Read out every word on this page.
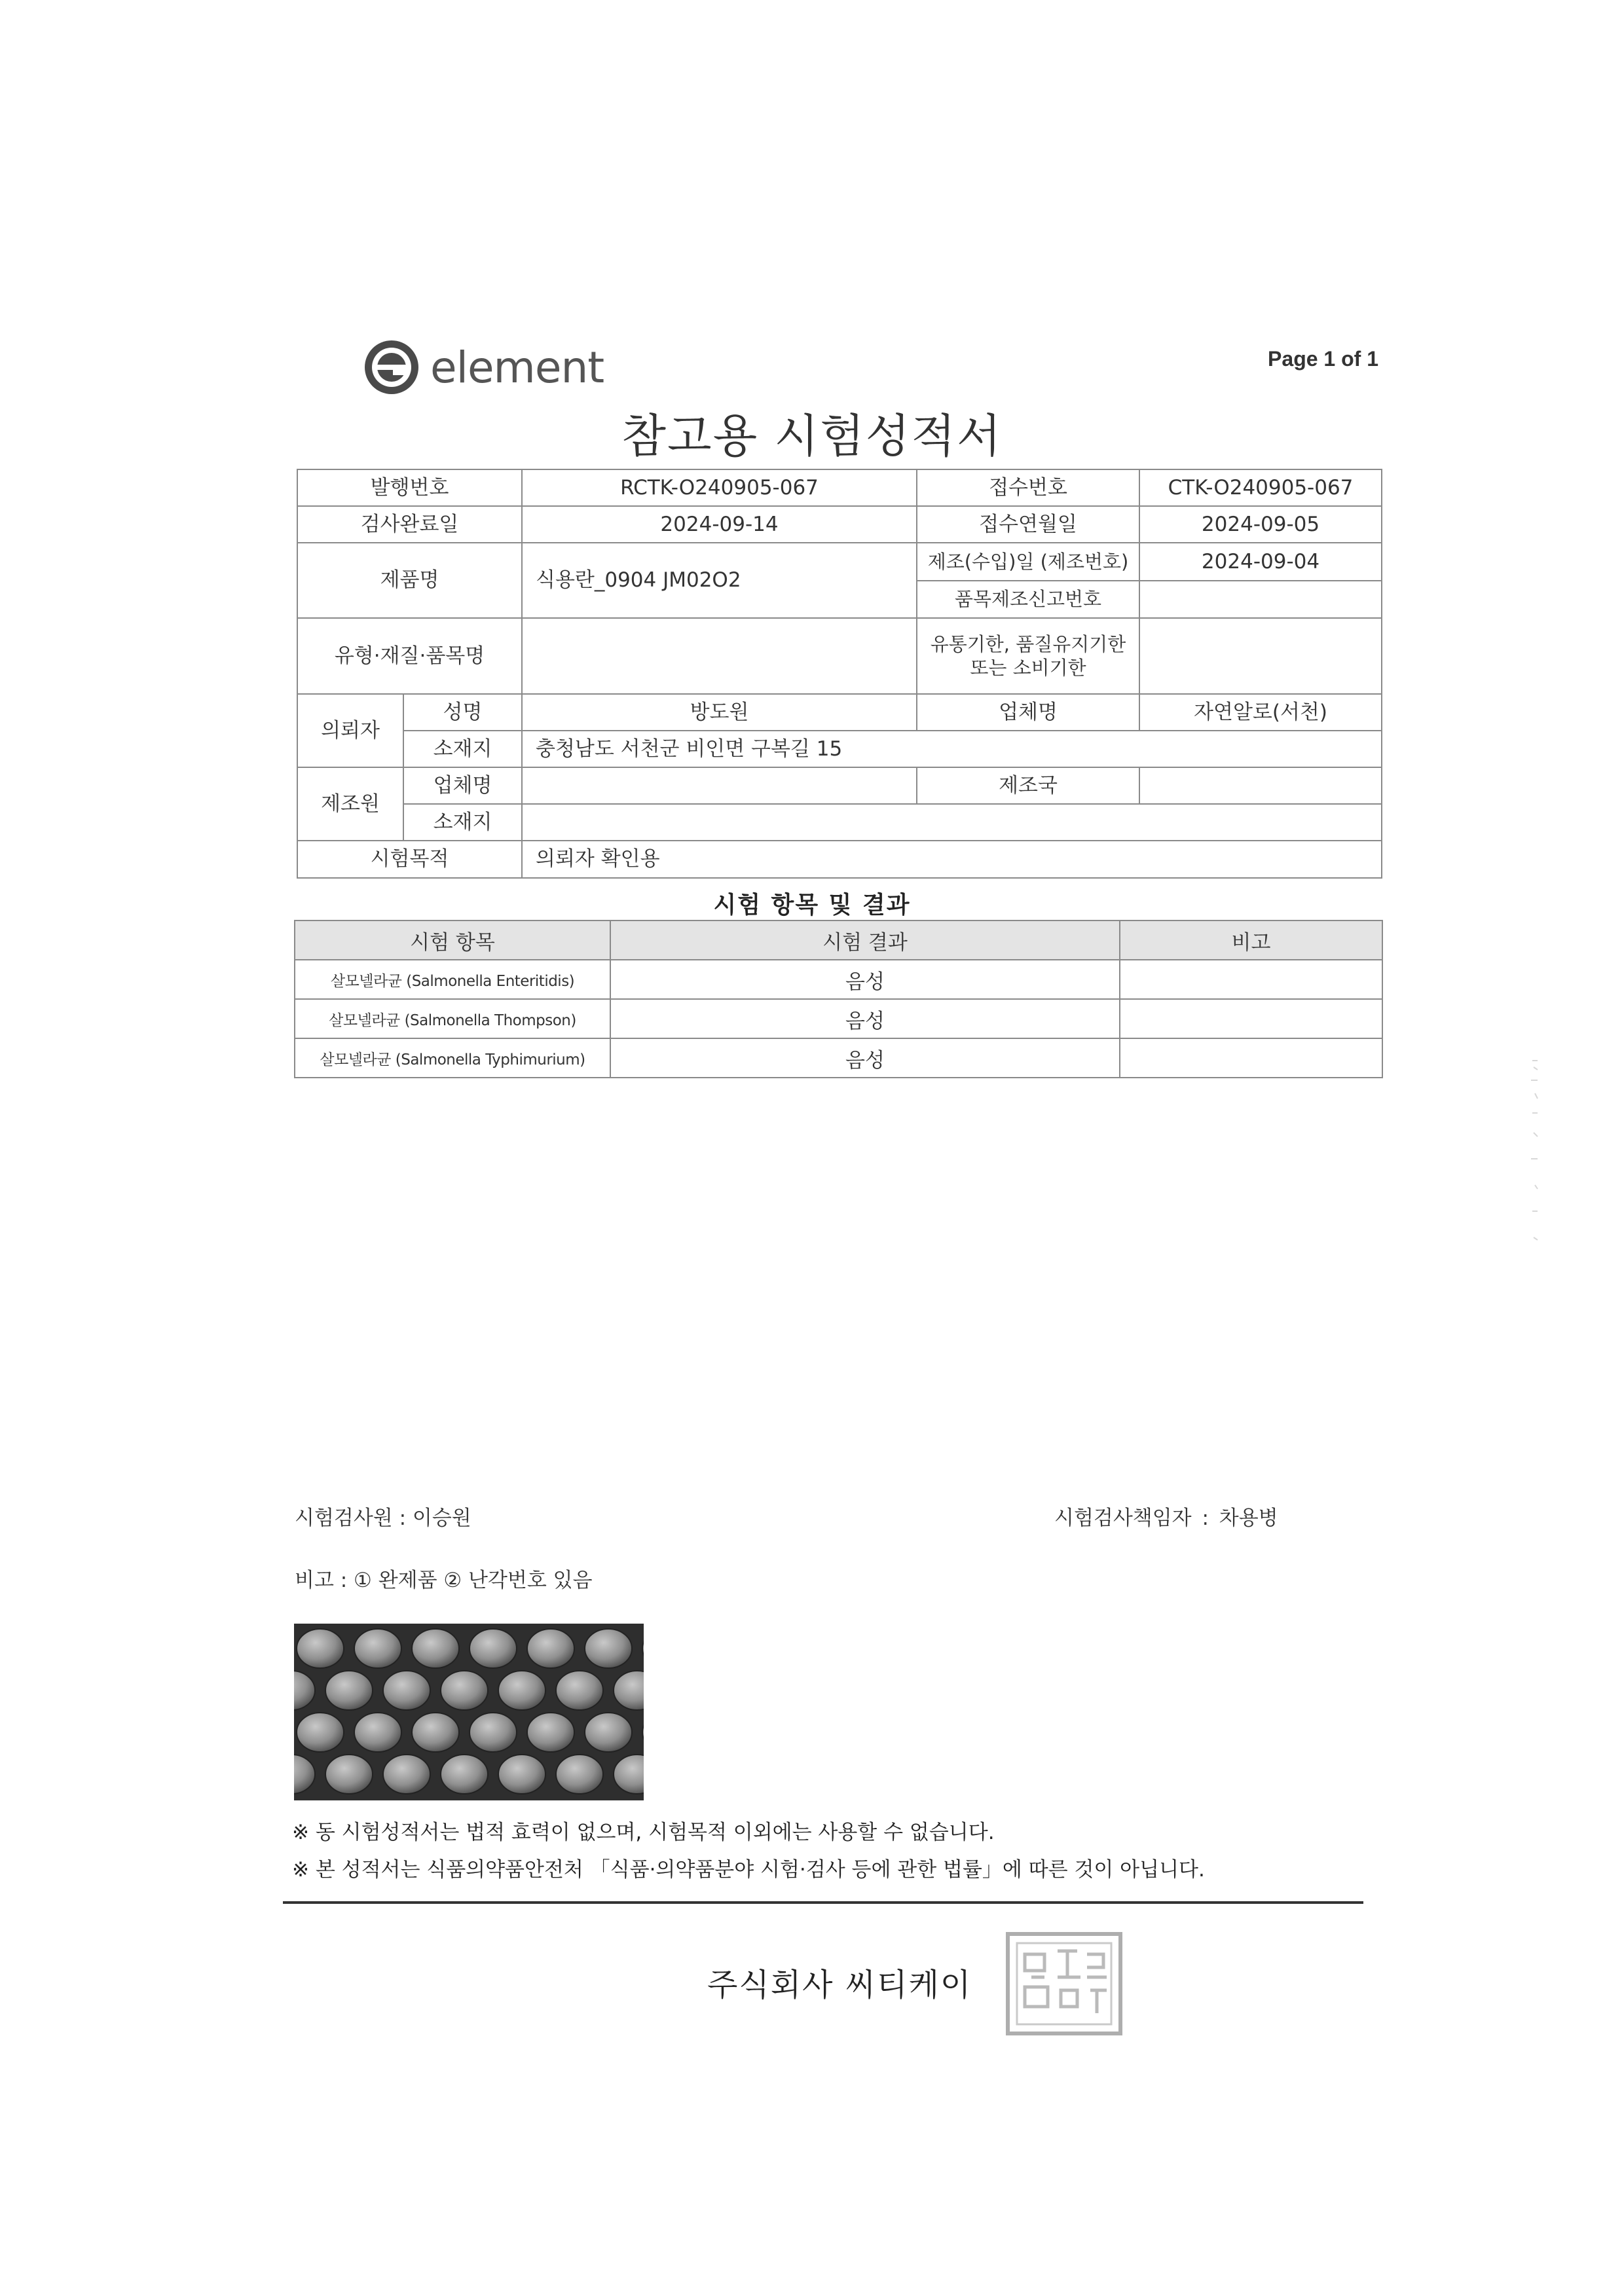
element	Page 1 of 1
참고용 시험성적서
발행번호		RCTK-O240905-067	접수번호	CTK-O240905-067
검사완료일		2024-09-14	접수연월일	2024-09-05
제품명		식용란_0904 JM02O2	제조(수입)일 (제조번호)	2024-09-04
			품목제조신고번호	
유형·재질·품목명			유통기한, 품질유지기한
또는 소비기한	

의뢰자	성명	방도원	업체명	자연알로(서천)
	소재지	충청남도 서천군 비인면 구복길 15		
제조원	업체명		제조국	
	소재지			
시험목적		의뢰자 확인용		
시험 항목 및 결과
시험 항목	시험 결과	비고
살모넬라균 (Salmonella Enteritidis)	음성	
살모넬라균 (Salmonella Thompson)	음성	
살모넬라균 (Salmonella Typhimurium)	음성	
시험검사원 : 이승원	시험검사책임자 : 차용병
비고 : ① 완제품 ② 난각번호 있음
※ 동 시험성적서는 법적 효력이 없으며, 시험목적 이외에는 사용할 수 없습니다.
※ 본 성적서는 식품의약품안전처 「식품·의약품분야 시험·검사 등에 관한 법률」에 따른 것이 아닙니다.
주식회사 씨티케이
